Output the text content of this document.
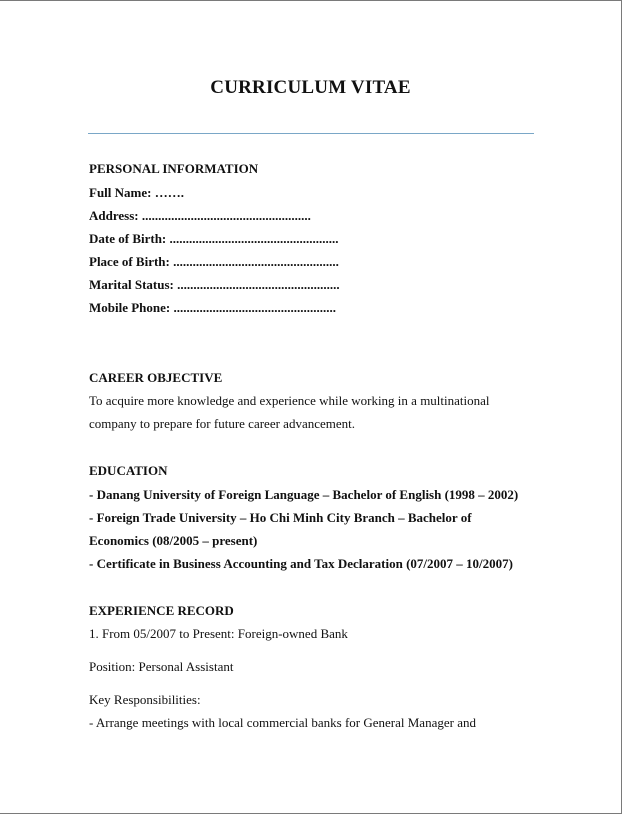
CURRICULUM VITAE
PERSONAL INFORMATION
Full Name: …….
Address: ....................................................
Date of Birth: ....................................................
Place of Birth: ...................................................
Marital Status: ..................................................
Mobile Phone: ..................................................
CAREER OBJECTIVE
To acquire more knowledge and experience while working in a multinational
company to prepare for future career advancement.
EDUCATION
- Danang University of Foreign Language – Bachelor of English (1998 – 2002)
- Foreign Trade University – Ho Chi Minh City Branch – Bachelor of
Economics (08/2005 – present)
- Certificate in Business Accounting and Tax Declaration (07/2007 – 10/2007)
EXPERIENCE RECORD
1. From 05/2007 to Present: Foreign-owned Bank
Position: Personal Assistant
Key Responsibilities:
- Arrange meetings with local commercial banks for General Manager and
